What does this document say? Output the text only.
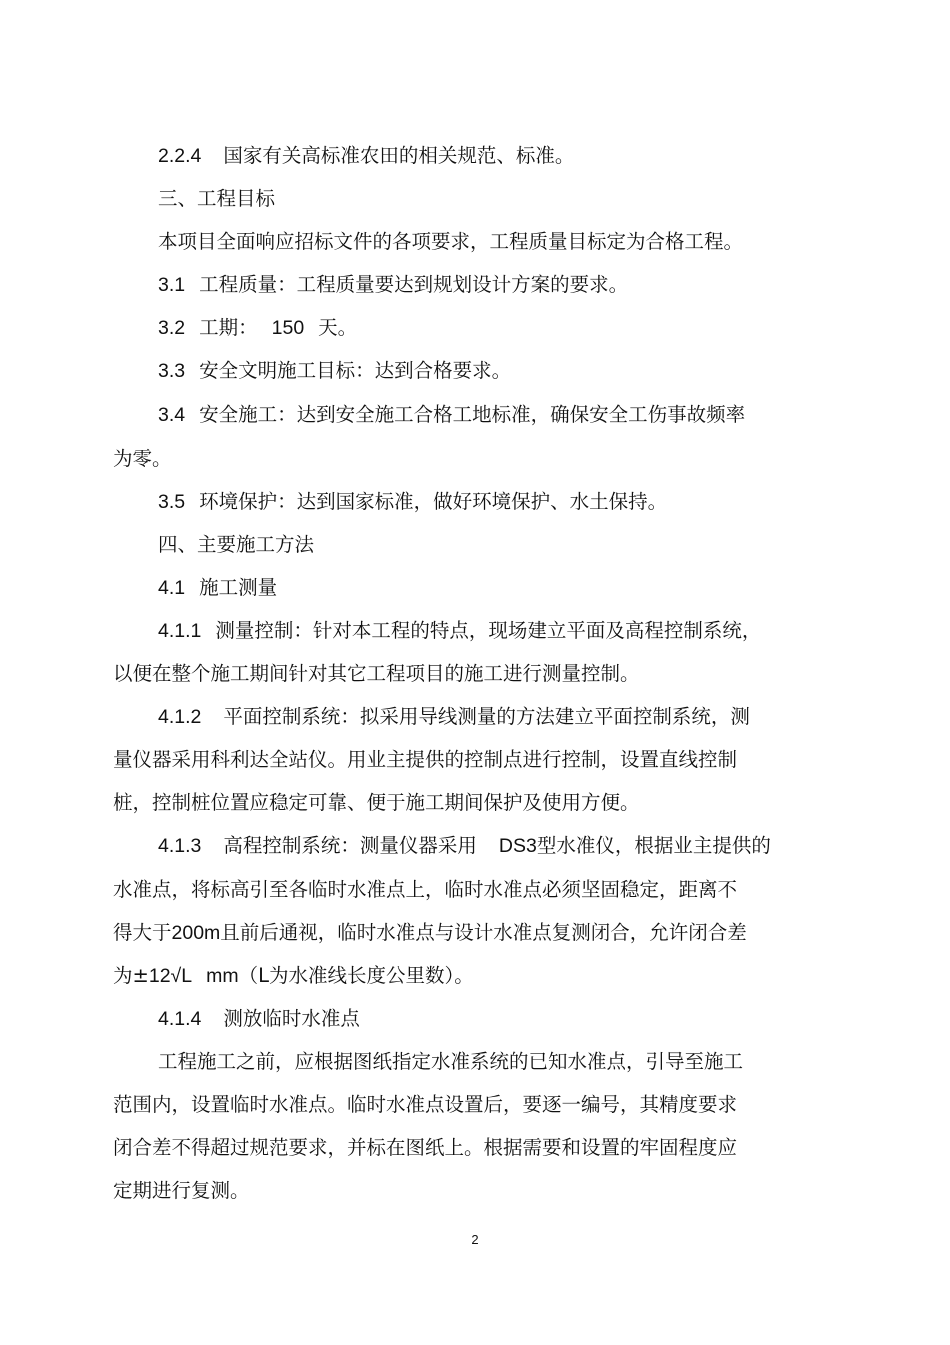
2.2.4 国家有关高标准农田的相关规范、标准。
三、工程目标
本项目全面响应招标文件的各项要求，工程质量目标定为合格工程。
3.1 工程质量：工程质量要达到规划设计方案的要求。
3.2 工期： 150 天。
3.3 安全文明施工目标：达到合格要求。
3.4 安全施工：达到安全施工合格工地标准，确保安全工伤事故频率
为零。
3.5 环境保护：达到国家标准，做好环境保护、水土保持。
四、主要施工方法
4.1 施工测量
4.1.1 测量控制：针对本工程的特点，现场建立平面及高程控制系统，
以便在整个施工期间针对其它工程项目的施工进行测量控制。
4.1.2 平面控制系统：拟采用导线测量的方法建立平面控制系统，测
量仪器采用科利达全站仪。用业主提供的控制点进行控制，设置直线控制
桩，控制桩位置应稳定可靠、便于施工期间保护及使用方便。
4.1.3 高程控制系统：测量仪器采用 DS3型水准仪，根据业主提供的
水准点，将标高引至各临时水准点上，临时水准点必须坚固稳定，距离不
得大于200m且前后通视，临时水准点与设计水准点复测闭合，允许闭合差
为±12√L mm（L为水准线长度公里数）。
4.1.4 测放临时水准点
工程施工之前，应根据图纸指定水准系统的已知水准点，引导至施工
范围内，设置临时水准点。临时水准点设置后，要逐一编号，其精度要求
闭合差不得超过规范要求，并标在图纸上。根据需要和设置的牢固程度应
定期进行复测。
2
